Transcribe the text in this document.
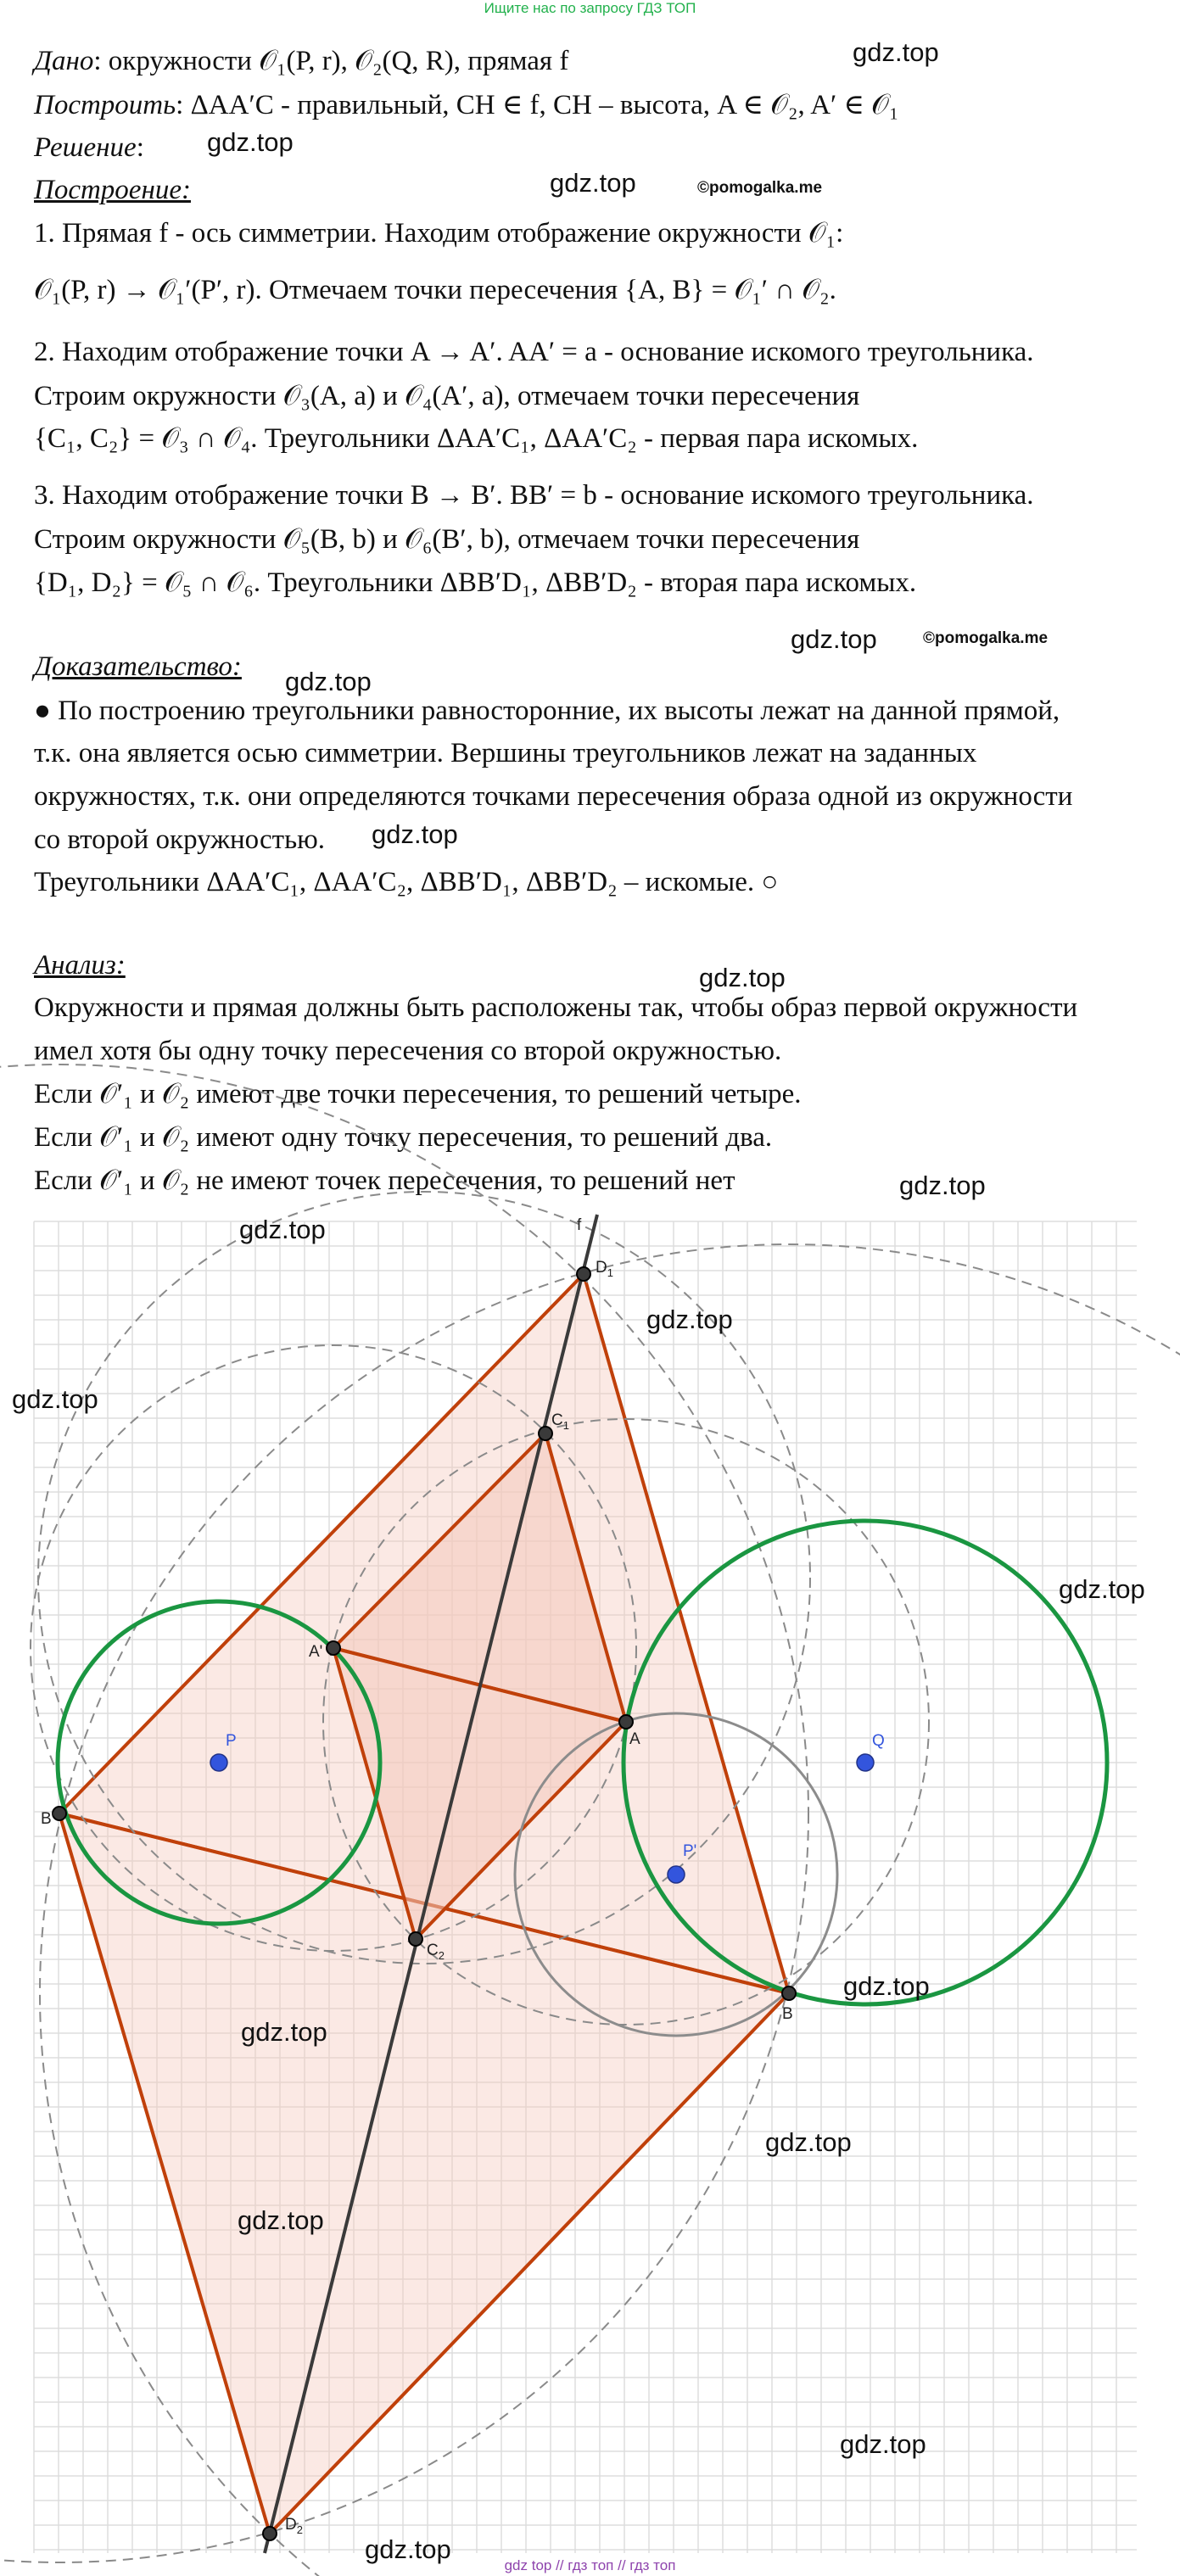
Ищите нас по запросу ГДЗ ТОП
Дано: окружности 𝒪₁(P, r), 𝒪₂(Q, R), прямая f
Построить: ΔAA′C - правильный, CH ∈ f, CH – высота, A ∈ 𝒪₂, A′ ∈ 𝒪₁
Решение:
Построение:
1. Прямая f - ось симметрии. Находим отображение окружности 𝒪₁:
𝒪₁(P, r) → 𝒪₁′(P′, r). Отмечаем точки пересечения {A, B} = 𝒪₁′ ∩ 𝒪₂.
2. Находим отображение точки A → A′. AA′ = a - основание искомого треугольника.
Строим окружности 𝒪₃(A, a) и 𝒪₄(A′, a), отмечаем точки пересечения
{C₁, C₂} = 𝒪₃ ∩ 𝒪₄. Треугольники ΔAA′C₁, ΔAA′C₂ - первая пара искомых.
3. Находим отображение точки B → B′. BB′ = b - основание искомого треугольника.
Строим окружности 𝒪₅(B, b) и 𝒪₆(B′, b), отмечаем точки пересечения
{D₁, D₂} = 𝒪₅ ∩ 𝒪₆. Треугольники ΔBB′D₁, ΔBB′D₂ - вторая пара искомых.
Доказательство:
● По построению треугольники равносторонние, их высоты лежат на данной прямой,
т.к. она является осью симметрии. Вершины треугольников лежат на заданных
окружностях, т.к. они определяются точками пересечения образа одной из окружности
со второй окружностью.
Треугольники ΔAA′C₁, ΔAA′C₂, ΔBB′D₁, ΔBB′D₂ – искомые. ○
Анализ:
Окружности и прямая должны быть расположены так, чтобы образ первой окружности
имел хотя бы одну точку пересечения со второй окружностью.
Если 𝒪′₁ и 𝒪₂ имеют две точки пересечения, то решений четыре.
Если 𝒪′₁ и 𝒪₂ имеют одну точку пересечения, то решений два.
Если 𝒪′₁ и 𝒪₂ не имеют точек пересечения, то решений нет
f
$D_1$
$C_1$
A'
A
P	Q
B'
P'
$C_2$
B
$D_2$
gdz.top
gdz.top
gdz.top	©pomogalka.me
gdz.top	©pomogalka.me
gdz.top
gdz.top
gdz.top
gdz.top
gdz.top
gdz.top
gdz.top
gdz.top
gdz.top
gdz.top
gdz.top
gdz.top
gdz.top
gdz.top
gdz top // гдз топ // гдз топ
